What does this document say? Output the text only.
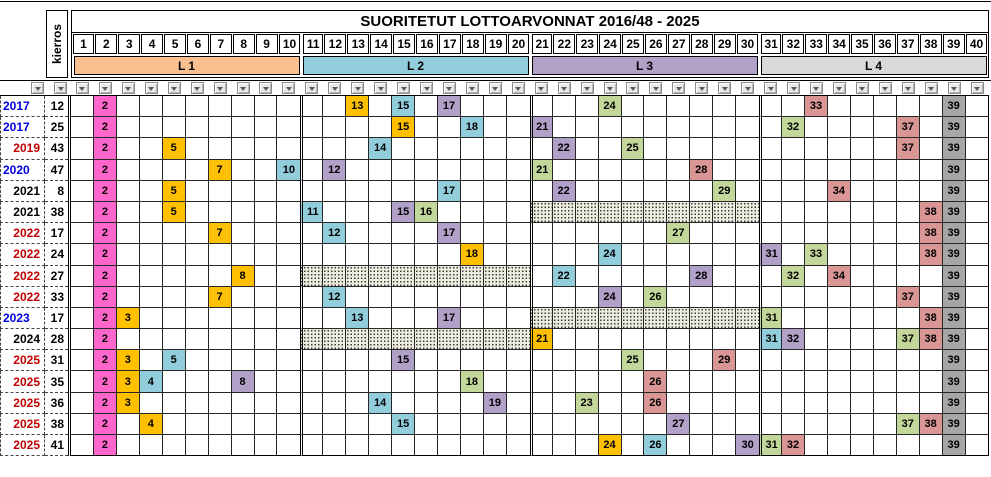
kierros
SUORITETUT LOTTOARVONNAT 2016/48 - 2025
1	2	3	4	5	6	7	8	9	10 11 12 13 14 15 16 17 18 19 20 21 22 23 24 25 26 27 28 29 30 31 32 33 34 35 36 37 38 39 40
L 1	L 2	L 3	L 4
2017	12	2	13	15	17	24	33	39
2017	25	2	15	18	21	32	37	39
2019 43	2	5	14	22	25	37	39
2020	47	2	7	10	12	21	28	39
2021	8	2	5	17	22	29	34	39
2021 38	2	5	11	15 16	38 39
2022 17	2	7	12	17	27	38 39
2022 24	2	18	24	31	33	38 39
2022 27	2	8	22	28	32	34	39
2022 33	2	7	12	24	26	37	39
2023	17	2	3	13	17	31	38 39
2024 28	2	21	31 32	37 38 39
2025 31	2	3	5	15	25	29	39
2025 35	2	3	4	8	18	26	39
2025 36	2	3	14	19	23	26	39
2025 38	2	4	15	27	37 38 39
2025 41	2	24	26	30	31 32	39
